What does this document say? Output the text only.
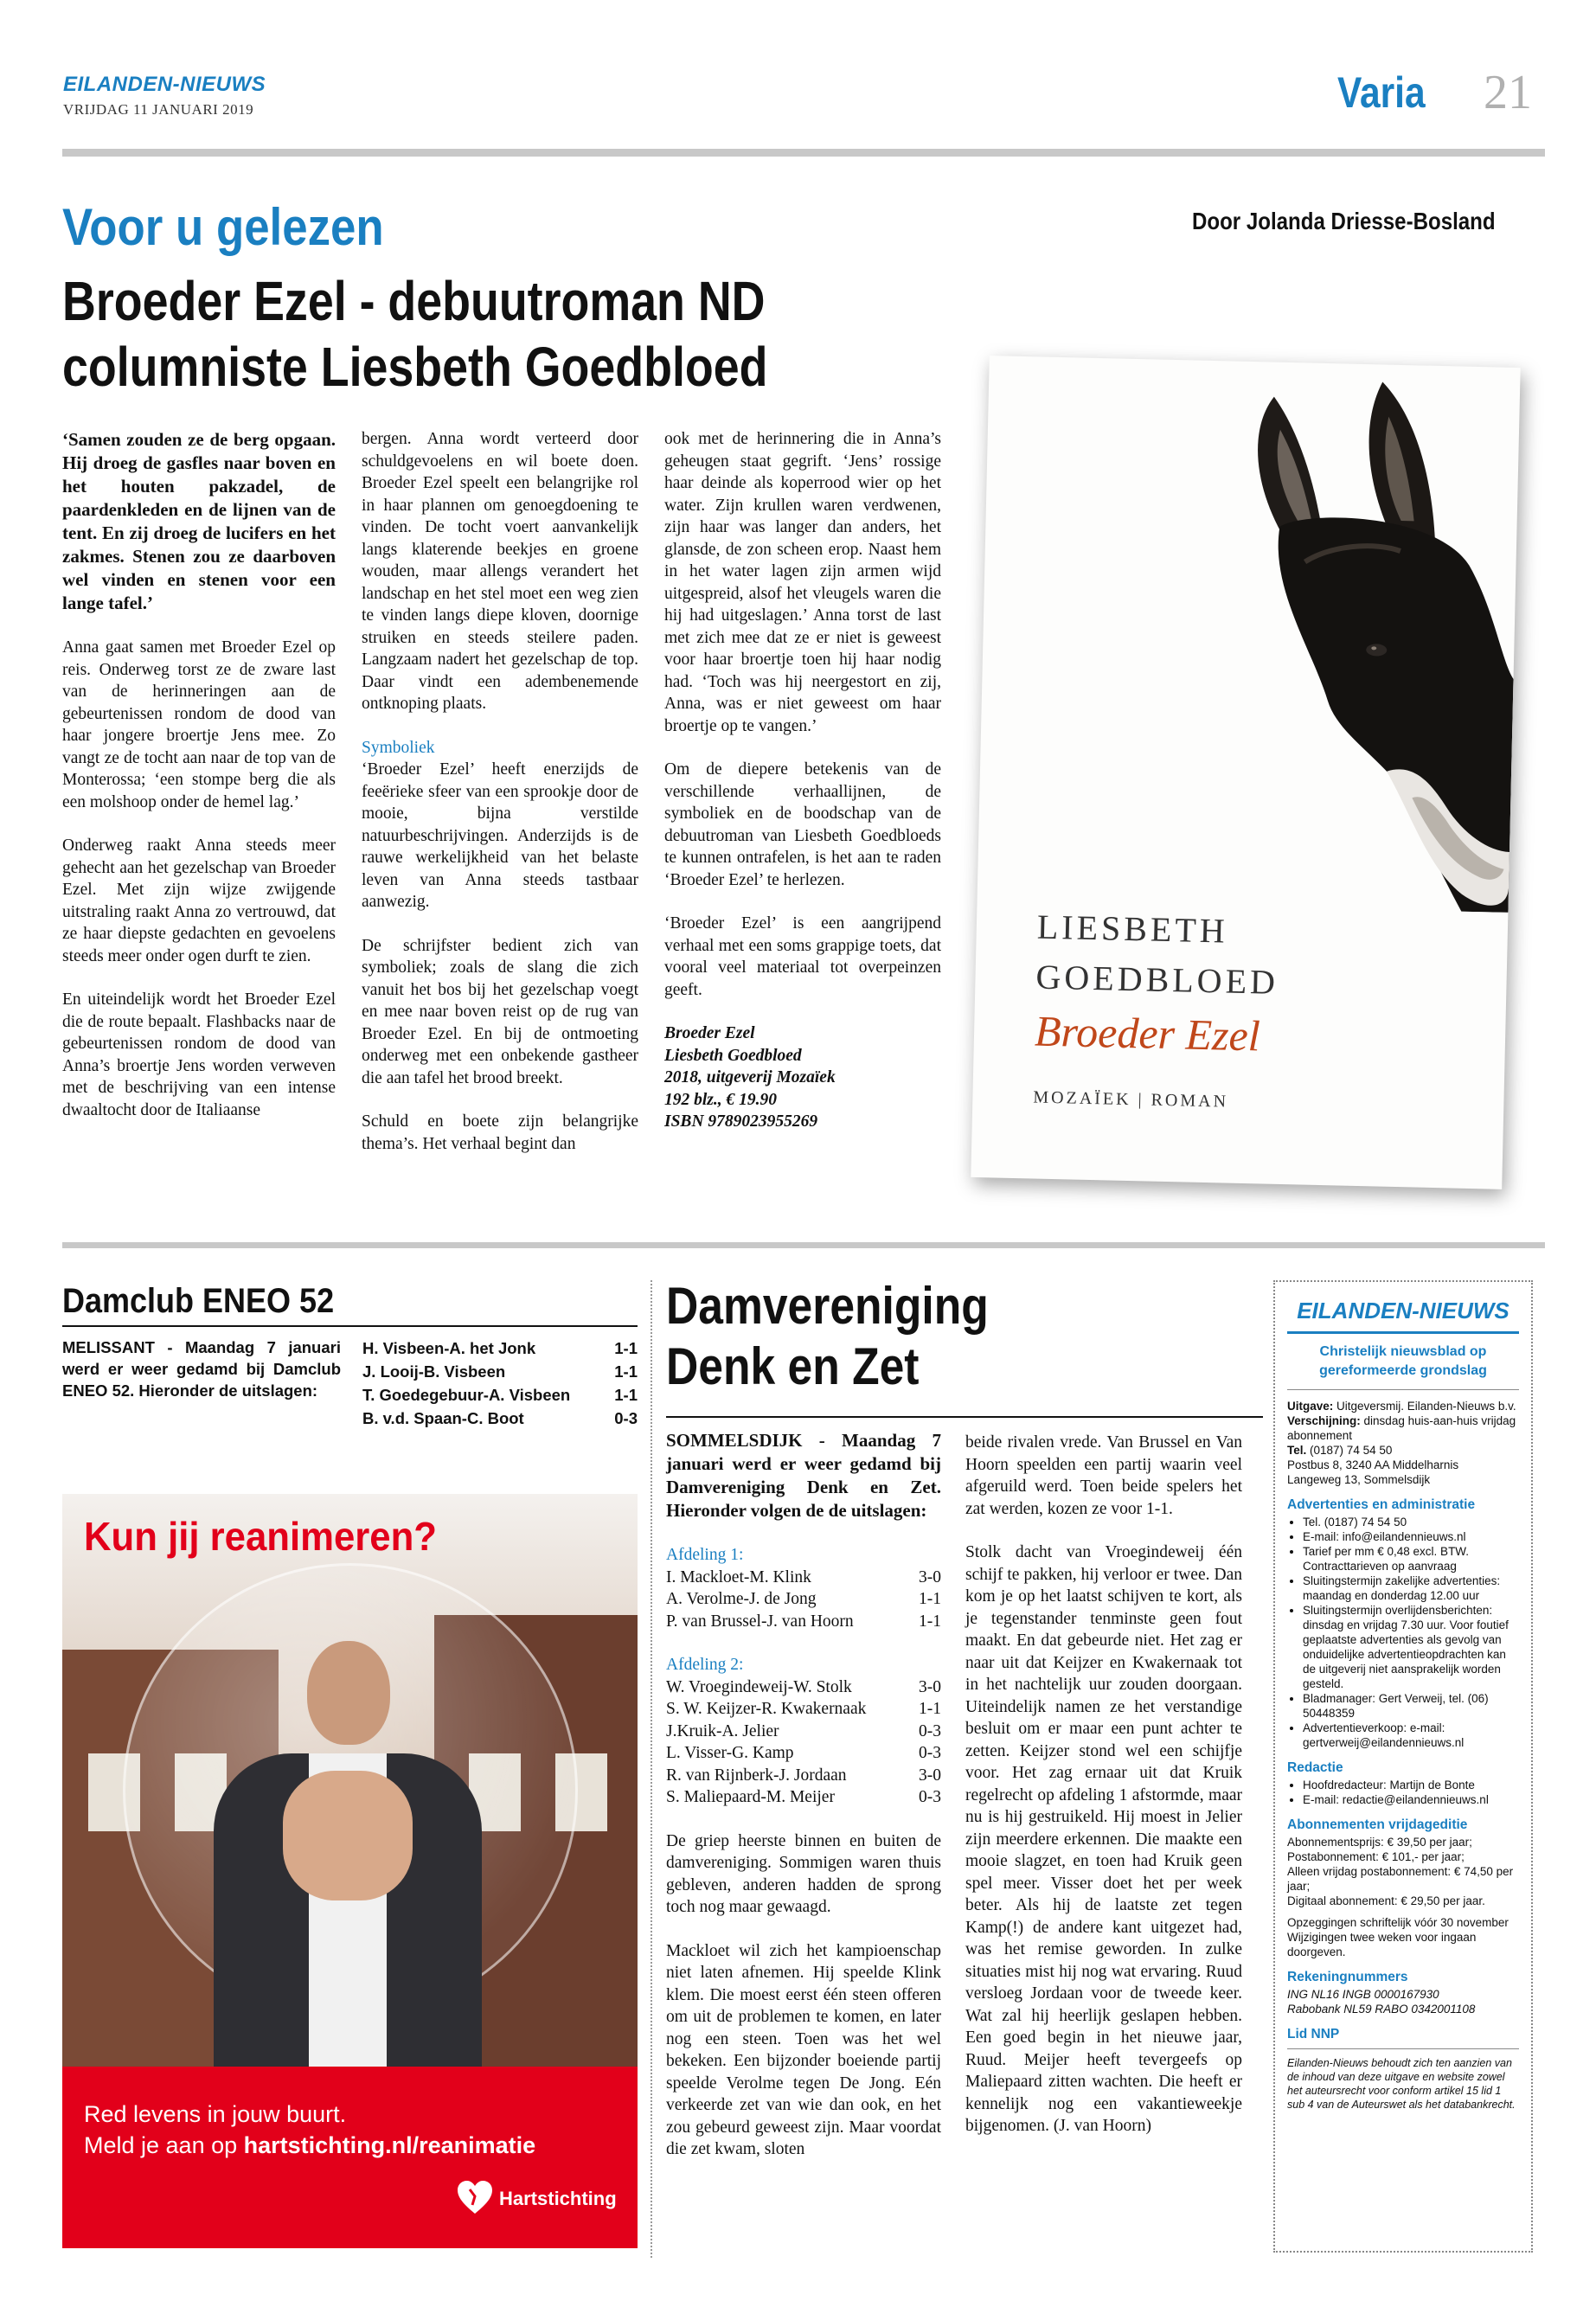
EILANDEN-NIEUWS
VRIJDAG 11 JANUARI 2019	Varia 21
Voor u gelezen	Door Jolanda Driesse-Bosland
Broeder Ezel - debuutroman ND
columniste Liesbeth Goedbloed

‘Samen zouden ze de berg opgaan. Hij droeg de gasfles naar boven en het houten pakzadel, de paardenkleden en de lijnen van de tent. En zij droeg de lucifers en het zakmes. Stenen zou ze daarboven wel vinden en stenen voor een lange tafel.’

Anna gaat samen met Broeder Ezel op reis. Onderweg torst ze de zware last van de herinneringen aan de gebeurtenissen rondom de dood van haar jongere broertje Jens mee. Zo vangt ze de tocht aan naar de top van de Monterossa; ‘een stompe berg die als een molshoop onder de hemel lag.’

Onderweg raakt Anna steeds meer gehecht aan het gezelschap van Broeder Ezel. Met zijn wijze zwijgende uitstraling raakt Anna zo vertrouwd, dat ze haar diepste gedachten en gevoelens steeds meer onder ogen durft te zien.

En uiteindelijk wordt het Broeder Ezel die de route bepaalt. Flashbacks naar de gebeurtenissen rondom de dood van Anna’s broertje Jens worden verweven met de beschrijving van een intense dwaaltocht door de Italiaanse

bergen. Anna wordt verteerd door schuldgevoelens en wil boete doen. Broeder Ezel speelt een belangrijke rol in haar plannen om genoegdoening te vinden. De tocht voert aanvankelijk langs klaterende beekjes en groene wouden, maar allengs verandert het landschap en het stel moet een weg zien te vinden langs diepe kloven, doornige struiken en steeds steilere paden. Langzaam nadert het gezelschap de top. Daar vindt een adembenemende ontknoping plaats.

Symboliek

‘Broeder Ezel’ heeft enerzijds de feeërieke sfeer van een sprookje door de mooie, bijna verstilde natuurbeschrijvingen. Anderzijds is de rauwe werkelijkheid van het belaste leven van Anna steeds tastbaar aanwezig.

De schrijfster bedient zich van symboliek; zoals de slang die zich vanuit het bos bij het gezelschap voegt en mee naar boven reist op de rug van Broeder Ezel. En bij de ontmoeting onderweg met een onbekende gastheer die aan tafel het brood breekt.

Schuld en boete zijn belangrijke thema’s. Het verhaal begint dan

ook met de herinnering die in Anna’s geheugen staat gegrift. ‘Jens’ rossige haar deinde als koperrood wier op het water. Zijn krullen waren verdwenen, zijn haar was langer dan anders, het glansde, de zon scheen erop. Naast hem in het water lagen zijn armen wijd uitgespreid, alsof het vleugels waren die hij had uitgeslagen.’ Anna torst de last met zich mee dat ze er niet is geweest voor haar broertje toen hij haar nodig had. ‘Toch was hij neergestort en zij, Anna, was er niet geweest om haar broertje op te vangen.’

Om de diepere betekenis van de verschillende verhaallijnen, de symboliek en de boodschap van de debuutroman van Liesbeth Goedbloeds te kunnen ontrafelen, is het aan te raden ‘Broeder Ezel’ te herlezen.

‘Broeder Ezel’ is een aangrijpend verhaal met een soms grappige toets, dat vooral veel materiaal tot overpeinzen geeft.

Broeder Ezel
Liesbeth Goedbloed
2018, uitgeverij Mozaïek
192 blz., € 19.90
ISBN 9789023955269
LIESBETH
GOEDBLOED
Broeder Ezel
MOZAÏEK | ROMAN
Damclub ENEO 52
MELISSANT - Maandag 7 januari werd er weer gedamd bij Damclub ENEO 52. Hieronder de uitslagen:
H. Visbeen-A. het Jonk	1-1
J. Looij-B. Visbeen	1-1
T. Goedegebuur-A. Visbeen	1-1
B. v.d. Spaan-C. Boot	0-3
Kun jij reanimeren?
Red levens in jouw buurt.
Meld je aan op hartstichting.nl/reanimatie
Hartstichting
Damvereniging
Denk en Zet

SOMMELSDIJK - Maandag 7 januari werd er weer gedamd bij Damvereniging Denk en Zet. Hieronder volgen de de uitslagen:

Afdeling 1:
I. Mackloet-M. Klink	3-0
A. Verolme-J. de Jong	1-1
P. van Brussel-J. van Hoorn	1-1
Afdeling 2:
W. Vroegindeweij-W. Stolk	3-0
S. W. Keijzer-R. Kwakernaak	1-1
J.Kruik-A. Jelier	0-3
L. Visser-G. Kamp	0-3
R. van Rijnberk-J. Jordaan	3-0
S. Maliepaard-M. Meijer	0-3

De griep heerste binnen en buiten de damvereniging. Sommigen waren thuis gebleven, anderen hadden de sprong toch nog maar gewaagd.

Mackloet wil zich het kampioenschap niet laten afnemen. Hij speelde Klink klem. Die moest eerst één steen offeren om uit de problemen te komen, en later nog een steen. Toen was het wel bekeken. Een bijzonder boeiende partij speelde Verolme tegen De Jong. Eén verkeerde zet van wie dan ook, en het zou gebeurd geweest zijn. Maar voordat die zet kwam, sloten

beide rivalen vrede. Van Brussel en Van Hoorn speelden een partij waarin veel afgeruild werd. Toen beide spelers het zat werden, kozen ze voor 1-1.

Stolk dacht van Vroegindeweij één schijf te pakken, hij verloor er twee. Dan kom je op het laatst schijven te kort, als je tegenstander tenminste geen fout maakt. En dat gebeurde niet. Het zag er naar uit dat Keijzer en Kwakernaak tot in het nachtelijk uur zouden doorgaan. Uiteindelijk namen ze het verstandige besluit om er maar een punt achter te zetten. Keijzer stond wel een schijfje voor. Het zag ernaar uit dat Kruik regelrecht op afdeling 1 afstormde, maar nu is hij gestruikeld. Hij moest in Jelier zijn meerdere erkennen. Die maakte een mooie slagzet, en toen had Kruik geen spel meer. Visser doet het per week beter. Als hij de laatste zet tegen Kamp(!) de andere kant uitgezet had, was het remise geworden. In zulke situaties mist hij nog wat ervaring. Ruud versloeg Jordaan voor de tweede keer. Wat zal hij heerlijk geslapen hebben. Een goed begin in het nieuwe jaar, Ruud. Meijer heeft tevergeefs op Maliepaard zitten wachten. Die heeft er kennelijk nog een vakantieweekje bijgenomen. (J. van Hoorn)

EILANDEN-NIEUWS
Christelijk nieuwsblad op
gereformeerde grondslag

Uitgave: Uitgeversmij. Eilanden-Nieuws b.v.

Verschijning: dinsdag huis-aan-huis vrijdag abonnement

Tel. (0187) 74 54 50

Postbus 8, 3240 AA Middelharnis

Langeweg 13, Sommelsdijk

Advertenties en administratie
• Tel. (0187) 74 54 50
• E-mail: info@eilandennieuws.nl
• Tarief per mm € 0,48 excl. BTW. Contracttarieven op aanvraag
• Sluitingstermijn zakelijke advertenties: maandag en donderdag 12.00 uur
• Sluitingstermijn overlijdensberichten: dinsdag en vrijdag 7.30 uur. Voor foutief geplaatste advertenties als gevolg van onduidelijke advertentieopdrachten kan de uitgeverij niet aansprakelijk worden gesteld.
• Bladmanager: Gert Verweij, tel. (06) 50448359
• Advertentieverkoop: e-mail: gertverweij@eilandennieuws.nl
Redactie
• Hoofdredacteur: Martijn de Bonte
• E-mail: redactie@eilandennieuws.nl
Abonnementen vrijdageditie

Abonnementsprijs: € 39,50 per jaar;

Postabonnement: € 101,- per jaar;

Alleen vrijdag postabonnement: € 74,50 per jaar;

Digitaal abonnement: € 29,50 per jaar.

Opzeggingen schriftelijk vóór 30 november Wijzigingen twee weken voor ingaan doorgeven.

Rekeningnummers

ING NL16 INGB 0000167930

Rabobank NL59 RABO 0342001108

Lid NNP

Eilanden-Nieuws behoudt zich ten aanzien van de inhoud van deze uitgave en website zowel het auteursrecht voor conform artikel 15 lid 1 sub 4 van de Auteurswet als het databankrecht.
